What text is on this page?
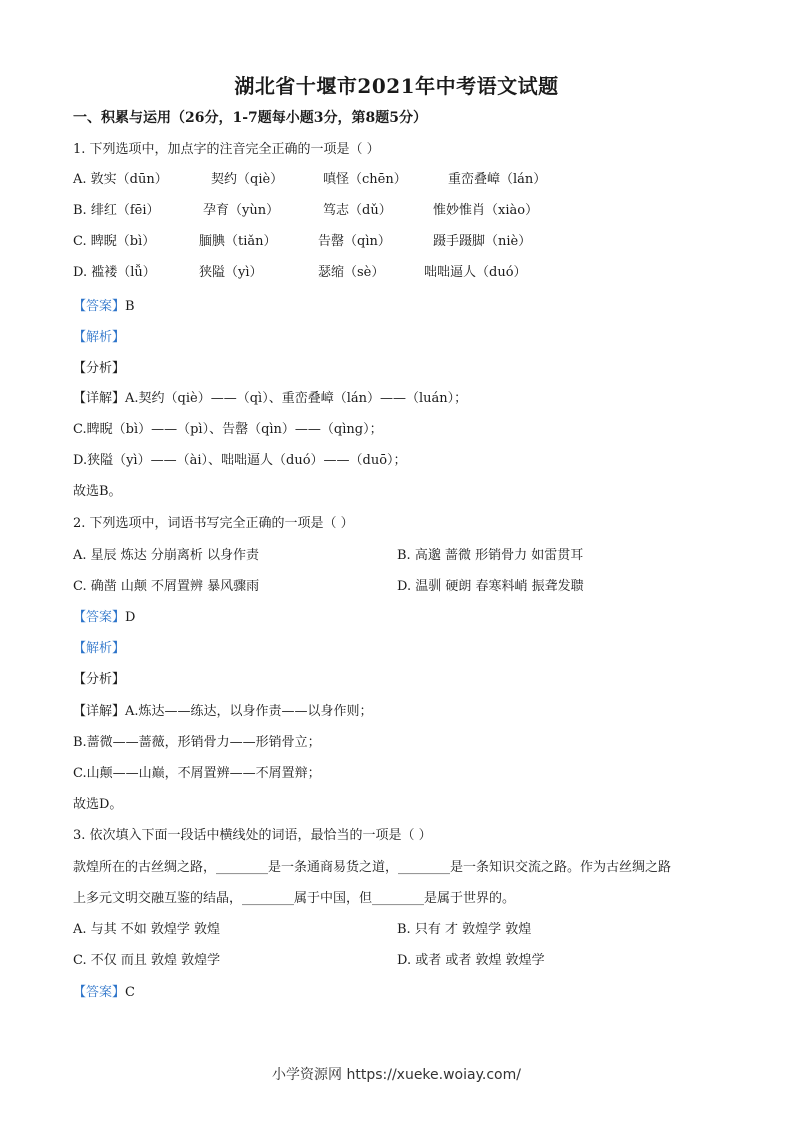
湖北省十堰市2021年中考语文试题
一、积累与运用（26分，1-7题每小题3分，第8题5分）
1. 下列选项中，加点字的注音完全正确的一项是（ ）
A. 敦实（dūn）	契约（qiè）	嗔怪（chēn）	重峦叠嶂（lán）
B. 绯红（fēi）	孕育（yùn）	笃志（dǔ）	惟妙惟肖（xiào）
C. 睥睨（bì）	腼腆（tiǎn）	告罄（qìn）	蹑手蹑脚（niè）
D. 褴褛（lǚ）	狭隘（yì）	瑟缩（sè）	咄咄逼人（duó）
【答案】B
【解析】
【分析】
【详解】A.契约（qiè）——（qì）、重峦叠嶂（lán）——（luán）；
C.睥睨（bì）——（pì）、告罄（qìn）——（qìng）；
D.狭隘（yì）——（ài）、咄咄逼人（duó）——（duō）；
故选B。
2. 下列选项中，词语书写完全正确的一项是（ ）
A. 星辰 炼达 分崩离析 以身作责	B. 高邈 蔷微 形销骨力 如雷贯耳
C. 确凿 山颠 不屑置辨 暴风骤雨	D. 温驯 硬朗 春寒料峭 振聋发聩
【答案】D
【解析】
【分析】
【详解】A.炼达——练达，以身作责——以身作则；
B.蔷微——蔷薇，形销骨力——形销骨立；
C.山颠——山巅，不屑置辨——不屑置辩；
故选D。
3. 依次填入下面一段话中横线处的词语，最恰当的一项是（ ）
款煌所在的古丝绸之路，________是一条通商易货之道，________是一条知识交流之路。作为古丝绸之路
上多元文明交融互鉴的结晶，________属于中国，但________是属于世界的。
A. 与其 不如 敦煌学 敦煌	B. 只有 才 敦煌学 敦煌
C. 不仅 而且 敦煌 敦煌学	D. 或者 或者 敦煌 敦煌学
【答案】C
小学资源网 https://xueke.woiay.com/
